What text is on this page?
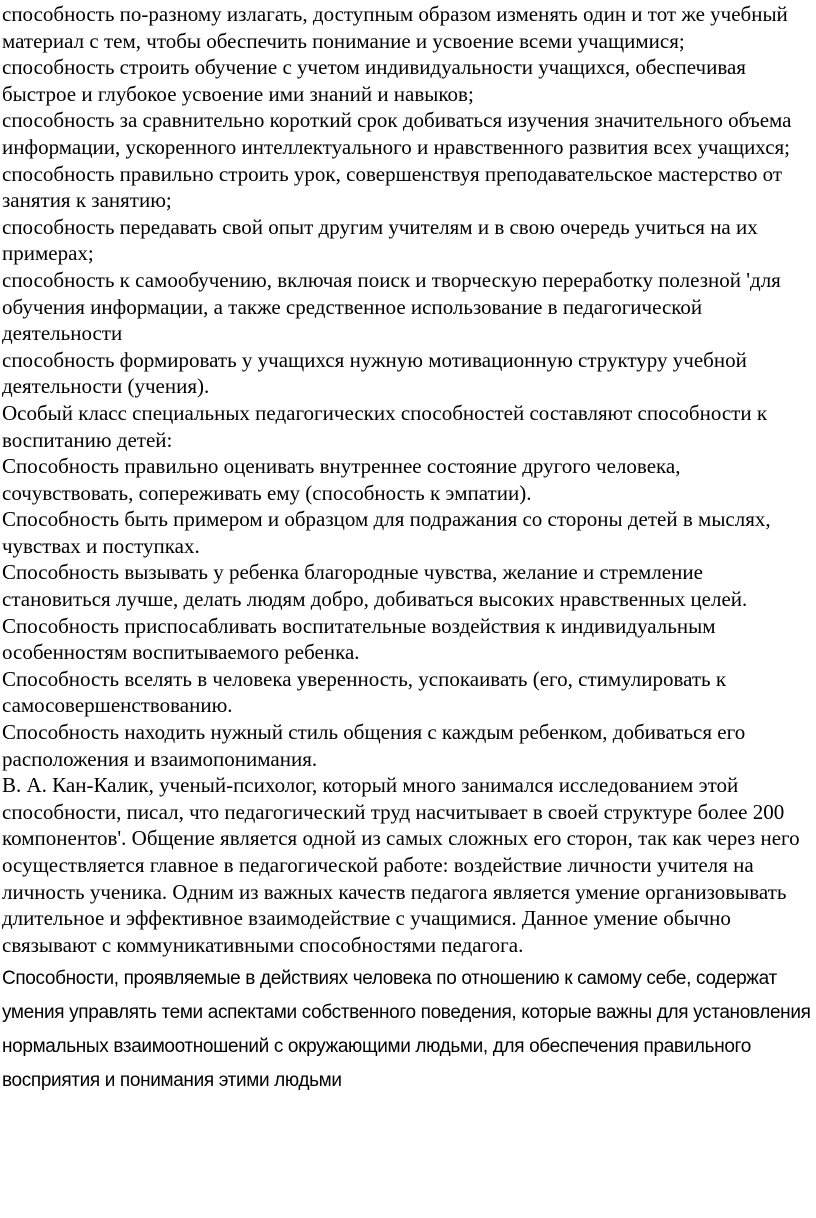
способность по-разному излагать, доступным образом изменять один и тот же учебный материал с тем, чтобы обеспечить понимание и усвоение всеми учащимися;

способность строить обучение с учетом индивидуальности учащихся, обеспечивая быстрое и глубокое усвоение ими знаний и навыков;

способность за сравнительно короткий срок добиваться изучения значительного объема информации, ускоренного интеллектуального и нравственного развития всех учащихся;

способность правильно строить урок, совершенствуя преподавательское мастерство от занятия к занятию;

способность передавать свой опыт другим учителям и в свою очередь учиться на их примерах;

способность к самообучению, включая поиск и творческую переработку полезной 'для обучения информации, а также средственное использование в педагогической деятельности

способность формировать у учащихся нужную мотивационную структуру учебной деятельности (учения).

Особый класс специальных педагогических способностей составляют способности к воспитанию детей:

Способность правильно оценивать внутреннее состояние другого человека, сочувствовать, сопереживать ему (способность к эмпатии).

Способность быть примером и образцом для подражания со стороны детей в мыслях, чувствах и поступках.

Способность вызывать у ребенка благородные чувства, желание и стремление становиться лучше, делать людям добро, добиваться высоких нравственных целей.

Способность приспосабливать воспитательные воздействия к индивидуальным особенностям воспитываемого ребенка.

Способность вселять в человека уверенность, успокаивать (его, стимулировать к самосовершенствованию.

Способность находить нужный стиль общения с каждым ребенком, добиваться его расположения и взаимопонимания.

В. А. Кан-Калик, ученый-психолог, который много занимался исследованием этой способности, писал, что педагогический труд насчитывает в своей структуре более 200 компонентов'. Общение является одной из самых сложных его сторон, так как через него осуществляется главное в педагогической работе: воздействие личности учителя на личность ученика. Одним из важных качеств педагога является умение организовывать длительное и эффективное взаимодействие с учащимися. Данное умение обычно связывают с коммуникативными способностями педагога.

Способности, проявляемые в действиях человека по отношению к самому себе, содержат умения управлять теми аспектами собственного поведения, которые важны для установления нормальных взаимоотношений с окружающими людьми, для обеспечения правильного восприятия и понимания этими людьми
